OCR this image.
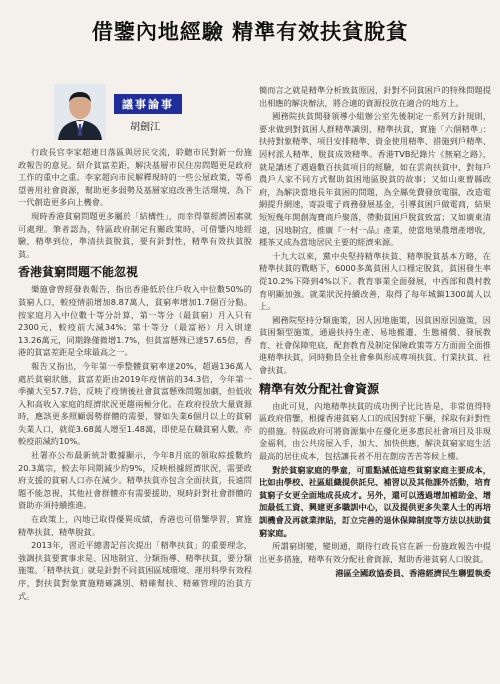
借鑒內地經驗 精準有效扶貧脫貧
議事論事
胡劍江

行政長官李家超連日落區與居民交流，聆聽市民對新一份施政報告的意見。紹介貧富差距，解決基層市民住房問題更是政府工作的重中之重。李家超向市民解釋現時的一些公屋政策，等希望善用社會資源，幫助更多弱勢及基層家庭改善生活環境，為下一代創造更多向上機會。

現時香港貧窮問題更多屬於「結構性」，而幸得靠經濟因素就可處理。筆者認為，特區政府制定有關政策時，可借鑒內地經驗，精準到位，準清扶貧脫貧，要有針對性，精準有效扶貧脫貧。

香港貧窮問題不能忽視

樂施會曾經發表報告，指出香港低於住戶收入中位數50%的貧窮人口，較疫情前增加8.87萬人，貧窮率增加1.7個百分點。按家庭月入中位數十等分計算，第一等分（最貧窮）月入只有2300元，較疫前大減34%；第十等分（最富裕）月入則達13.26萬元，同期錄僅微增1.7%，但貧富懸殊已達57.65倍，香港的貧富差距是全球最高之一。

報告又指出，今年第一季整體貧窮率達20%，超過136萬人處於貧窮狀態，貧富差距由2019年疫情前的34.3倍，今年第一季擴大至57.7倍，反映了疫情後社會貧富懸殊問題加劇，但低收入和高收入家庭的經濟狀況更趨兩極分化。在政府投放大量資源時，應該更多照顧弱勢群體的需要，譬如失業6個月以上的貧窮失業人口，就從3.68萬人增至1.48萬，即使是在職貧窮人數，亦較疫前減約10%。

社署亦公布最新統計數據顯示，今年8月底的領取綜援數約20.3萬宗，較去年同期減少約9%，反映根據經濟狀況，需要政府支援的貧窮人口亦在減少。精準扶貧亦包含全面扶貧，長遠問題不能忽視，其他社會群體亦有需要援助，現時針對社會群體的資助亦須持續推進。

在政策上，內地已取得優異成績，香港也可借鑒學習，實施精準扶貧、精準脫貧。

2013年，習近平總書記首次提出「精準扶貧」的重要理念，強調扶貧要實事求是、因地制宜、分類指導、精準扶貧，要分類施策。「精準扶貧」就是針對不同貧困區域環境、運用科學有效程序，對扶貧對象實施精確識別、精確幫扶、精確管理的治貧方式。

簡而言之就是精準分析致貧原因，針對不同貧困戶的特殊問題提出相應的解決辦法，將合適的資源投放在適合的地方上。

國務院扶貧開發領導小組辦公室先後制定一系列方針規則，要求做到對貧困人群精準識別、精準扶貧，實施「六個精準」：扶持對象精準、項目安排精準、資金使用精準、措施到戶精準、因村派人精準、脫貧成效精準。香港TVB紀錄片《無窮之路》，就是講述了遇過數百扶貧項目的經驗，如在雲南扶貧中，對每戶農戶人家不同方式幫助貧困地區脫貧的故事；又如山東曹縣政府，為解決當地長年貧困的問題，為全縣免費發放電腦，改造電網提升網速，寄設電子商務發展基金，引導貧困戶做電商，結果短短幾年開創淘寶商戶聚落，帶動貧困戶脫貧致富；又如廣東清遠，因地制宜，推廣『一村一品』產業，使當地果農增產增收，種茶又成為當地居民主要的經濟來源。

十九大以來，黨中央堅持精準扶貧、精準脫貧基本方略，在精準扶貧的戰略下，6000多萬貧困人口穩定脫貧，貧困發生率從10.2%下降到4%以下。教育事業全面發展，中西部和農村教育明顯加強。就業狀況持續改善，取得了每年城鎮1300萬人以上。

國務院堅持分類施策，因人因地施策，因貧困原因施策，因貧困類型施策，通過扶持生產、易地搬遷、生態補償、發展教育、社會保障兜底，配套教育及制定保險政策等方方面面全面推進精準扶貧，同時動員全社會參與形成專項扶貧、行業扶貧、社會扶貧。

精準有效分配社會資源

由此可見，內地精準扶貧的成功例子比比皆是，非常值得特區政府借鑒，根據香港貧窮人口的成因對症下藥，採取有針對性的措施。特區政府可將資源集中在優化更多惠民社會項目及非現金福利，由公共房屋入手，加大、加快供應，解決貧窮家庭生活最高的居住成本，包括讓長者不用在劏房苦苦等候上樓。

對於貧窮家庭的學童，可重點減低這些貧窮家庭主要成本，比如由學校、社區組織提供託兒、補習以及其他課外活動，培育貧窮子女更全面地成長成才。另外，還可以透過增加補助金、增加最低工資、興建更多職訓中心，以及提供更多失業人士的再培訓機會及再就業津貼，訂立完善的退休保障制度等方法以扶助貧窮家庭。

所謂窮則變，變則通，期待行政長官在新一份施政報告中提出更多措施，精準有效分配社會資源，幫助香港貧窮人口脫貧。

港區全國政協委員、香港經濟民生聯盟執委
